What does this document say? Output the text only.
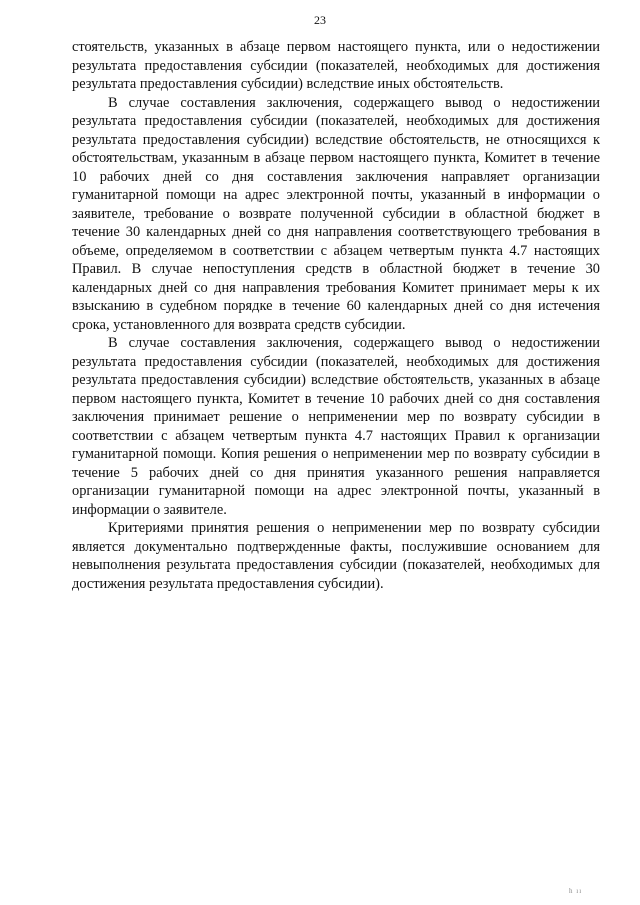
23

стоятельств, указанных в абзаце первом настоящего пункта, или о недостижении результата предоставления субсидии (показателей, необходимых для достижения результата предоставления субсидии) вследствие иных обстоятельств.

В случае составления заключения, содержащего вывод о недостижении результата предоставления субсидии (показателей, необходимых для достижения результата предоставления субсидии) вследствие обстоятельств, не относящихся к обстоятельствам, указанным в абзаце первом настоящего пункта, Комитет в течение 10 рабочих дней со дня составления заключения направляет организации гуманитарной помощи на адрес электронной почты, указанный в информации о заявителе, требование о возврате полученной субсидии в областной бюджет в течение 30 календарных дней со дня направления соответствующего требования в объеме, определяемом в соответствии с абзацем четвертым пункта 4.7 настоящих Правил. В случае непоступления средств в областной бюджет в течение 30 календарных дней со дня направления требования Комитет принимает меры к их взысканию в судебном порядке в течение 60 календарных дней со дня истечения срока, установленного для возврата средств субсидии.

В случае составления заключения, содержащего вывод о недостижении результата предоставления субсидии (показателей, необходимых для достижения результата предоставления субсидии) вследствие обстоятельств, указанных в абзаце первом настоящего пункта, Комитет в течение 10 рабочих дней со дня составления заключения принимает решение о неприменении мер по возврату субсидии в соответствии с абзацем четвертым пункта 4.7 настоящих Правил к организации гуманитарной помощи. Копия решения о неприменении мер по возврату субсидии в течение 5 рабочих дней со дня принятия указанного решения направляется организации гуманитарной помощи на адрес электронной почты, указанный в информации о заявителе.

Критериями принятия решения о неприменении мер по возврату субсидии является документально подтвержденные факты, послужившие основанием для невыполнения результата предоставления субсидии (показателей, необходимых для достижения результата предоставления субсидии).

h ıı
